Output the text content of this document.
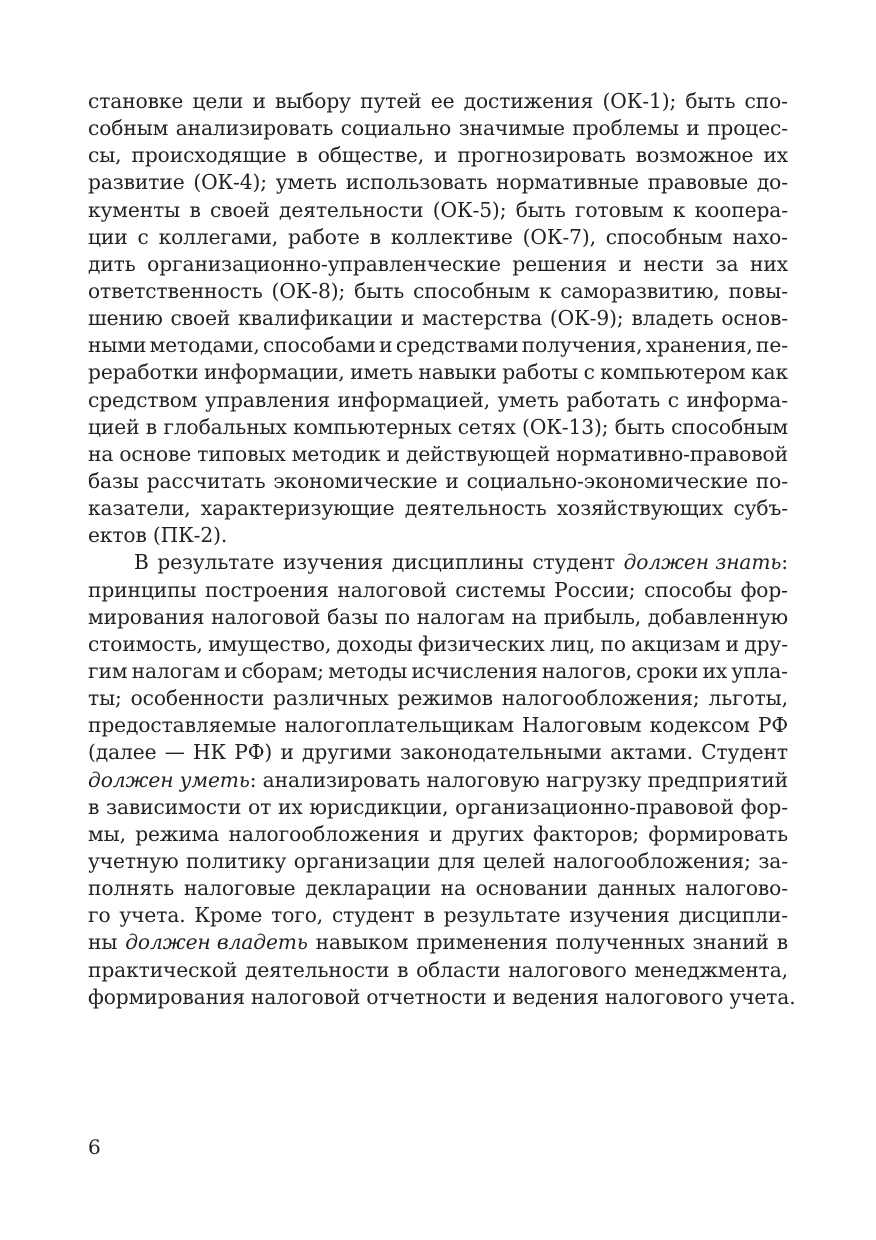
становке цели и выбору путей ее достижения (ОК-1); быть спо-
собным анализировать социально значимые проблемы и процес-
сы, происходящие в обществе, и прогнозировать возможное их
развитие (ОК-4); уметь использовать нормативные правовые до-
кументы в своей деятельности (ОК-5); быть готовым к коопера-
ции с коллегами, работе в коллективе (ОК-7), способным нахо-
дить организационно-управленческие решения и нести за них
ответственность (ОК-8); быть способным к саморазвитию, повы-
шению своей квалификации и мастерства (ОК-9); владеть основ-
ными методами, способами и средствами получения, хранения, пе-
реработки информации, иметь навыки работы с компьютером как
средством управления информацией, уметь работать с информа-
цией в глобальных компьютерных сетях (ОК-13); быть способным
на основе типовых методик и действующей нормативно-правовой
базы рассчитать экономические и социально-экономические по-
казатели, характеризующие деятельность хозяйствующих субъ-
ектов (ПК-2).
В результате изучения дисциплины студент должен знать:
принципы построения налоговой системы России; способы фор-
мирования налоговой базы по налогам на прибыль, добавленную
стоимость, имущество, доходы физических лиц, по акцизам и дру-
гим налогам и сборам; методы исчисления налогов, сроки их упла-
ты; особенности различных режимов налогообложения; льготы,
предоставляемые налогоплательщикам Налоговым кодексом РФ
(далее — НК РФ) и другими законодательными актами. Студент
должен уметь: анализировать налоговую нагрузку предприятий
в зависимости от их юрисдикции, организационно-правовой фор-
мы, режима налогообложения и других факторов; формировать
учетную политику организации для целей налогообложения; за-
полнять налоговые декларации на основании данных налогово-
го учета. Кроме того, студент в результате изучения дисципли-
ны должен владеть навыком применения полученных знаний в
практической деятельности в области налогового менеджмента,
формирования налоговой отчетности и ведения налогового учета.
6
